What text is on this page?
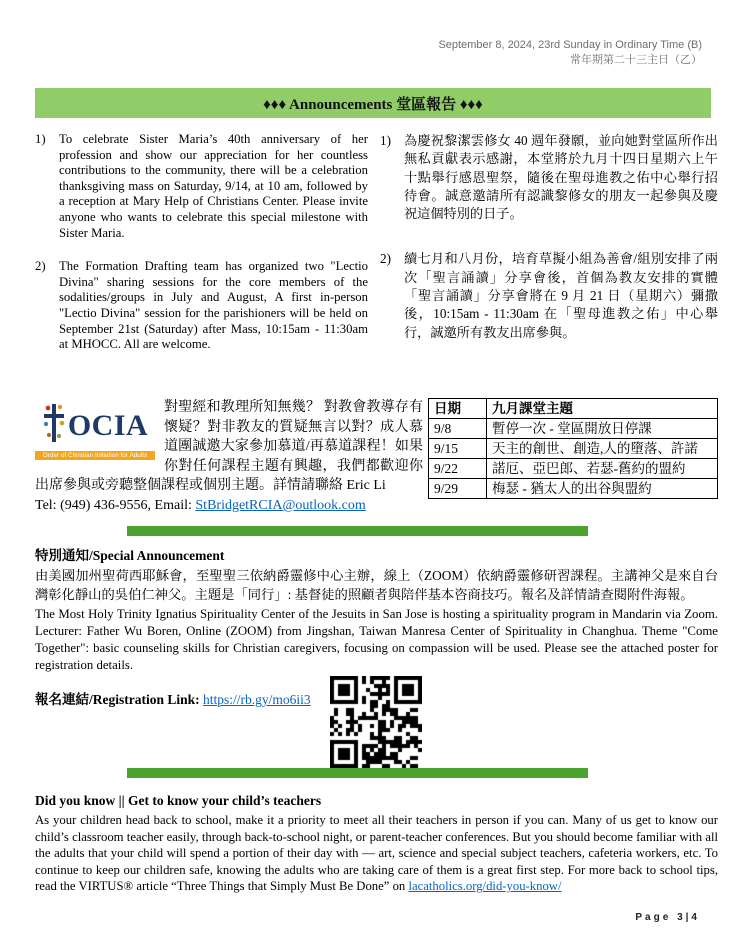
September 8, 2024, 23rd Sunday in Ordinary Time (B)
常年期第二十三主日（乙）
♦♦♦ Announcements 堂區報告 ♦♦♦
1)	To celebrate Sister Maria’s 40th anniversary of her profession and show our appreciation for her countless contributions to the community, there will be a celebration thanksgiving mass on Saturday, 9/14, at 10 am, followed by a reception at Mary Help of Christians Center. Please invite anyone who wants to celebrate this special milestone with Sister Maria.

2)	The Formation Drafting team has organized two "Lectio Divina" sharing sessions for the core members of the sodalities/groups in July and August, A first in-person "Lectio Divina" session for the parishioners will be held on September 21st (Saturday) after Mass, 10:15am - 11:30am at MHOCC. All are welcome.

1) 為慶祝黎潔雲修女 40 週年發願，並向她對堂區所作出無私貢獻表示感謝，本堂將於九月十四日星期六上午十點舉行感恩聖祭，隨後在聖母進教之佑中心舉行招待會。誠意邀請所有認識黎修女的朋友一起參與及慶祝這個特別的日子。

2) 續七月和八月份，培育草擬小組為善會/組別安排了兩次「聖言誦讀」分享會後，首個為教友安排的實體「聖言誦讀」分享會將在 9 月 21 日（星期六）彌撒後，10:15am - 11:30am 在「聖母進教之佑」中心舉行，誠邀所有教友出席參與。

OCIA
Order of Christian Initiation for Adults
對聖經和教理所知無幾？ 對教會教導存有懷疑？對非教友的質疑無言以對？成人慕道團誠邀大家參加慕道/再慕道課程！如果你對任何課程主題有興趣，我們都歡迎你出席參與或旁聽整個課程或個別主題。詳情請聯絡 Eric Li
Tel: (949) 436-9556, Email: StBridgetRCIA@outlook.com
日期	九月課堂主題
9/8	暫停一次 - 堂區開放日停課
9/15	天主的創世、創造,人的墮落、許諾
9/22	諾厄、亞巴郎、若瑟-舊約的盟約
9/29	梅瑟 - 猶太人的出谷與盟約
特別通知/Special Announcement

由美國加州聖荷西耶穌會，至聖聖三依納爵靈修中心主辦，線上（ZOOM）依納爵靈修研習課程。主講神父是來自台灣彰化靜山的吳伯仁神父。主題是「同行」: 基督徒的照顧者與陪伴基本咨商技巧。報名及詳情請查閱附件海報。

The Most Holy Trinity Ignatius Spirituality Center of the Jesuits in San Jose is hosting a spirituality program in Mandarin via Zoom. Lecturer: Father Wu Boren, Online (ZOOM) from Jingshan, Taiwan Manresa Center of Spirituality in Changhua. Theme "Come Together": basic counseling skills for Christian caregivers, focusing on compassion will be used. Please see the attached poster for registration details.

報名連結/Registration Link: https://rb.gy/mo6ii3
Did you know || Get to know your child’s teachers

As your children head back to school, make it a priority to meet all their teachers in person if you can. Many of us get to know our child’s classroom teacher easily, through back-to-school night, or parent-teacher conferences. But you should become familiar with all the adults that your child will spend a portion of their day with — art, science and special subject teachers, cafeteria workers, etc. To continue to keep our children safe, knowing the adults who are taking care of them is a great first step. For more back to school tips, read the VIRTUS® article “Three Things that Simply Must Be Done” on lacatholics.org/did-you-know/

Page 3|4
